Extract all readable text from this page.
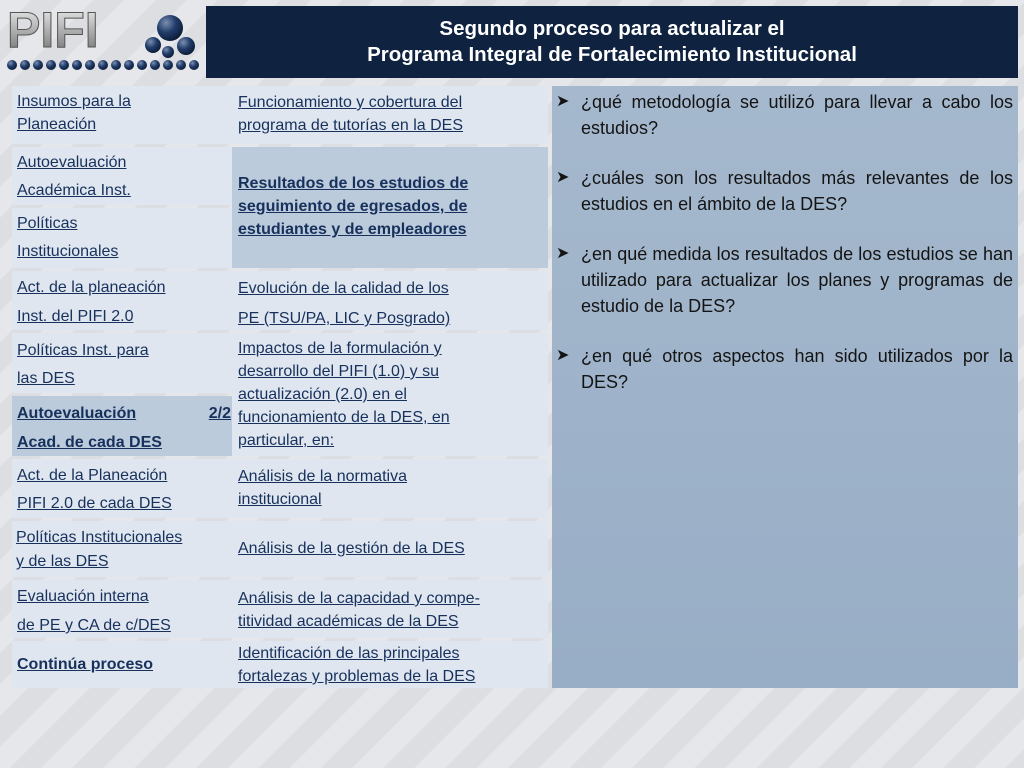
PIFI	Segundo proceso para actualizar el
Programa Integral de Fortalecimiento Institucional
Insumos para la
Planeación
Autoevaluación
Académica Inst.
Políticas
Institucionales
Act. de la planeación
Inst. del PIFI 2.0
Políticas Inst. para
las DES
Autoevaluación	2/2
Acad. de cada DES
Act. de la Planeación
PIFI 2.0 de cada DES
Políticas Institucionales
y de las DES
Evaluación interna
de PE y CA de c/DES
Continúa proceso
Funcionamiento y cobertura del
programa de tutorías en la DES
Resultados de los estudios de
seguimiento de egresados, de
estudiantes y de empleadores
Evolución de la calidad de los
PE (TSU/PA, LIC y Posgrado)
Impactos de la formulación y
desarrollo del PIFI (1.0) y su
actualización (2.0) en el
funcionamiento de la DES, en
particular, en:
Análisis de la normativa
institucional
Análisis de la gestión de la DES
Análisis de la capacidad y compe-
titividad académicas de la DES
Identificación de las principales
fortalezas y problemas de la DES
➤ ¿qué metodología se utilizó para llevar a cabo los estudios?
➤ ¿cuáles son los resultados más relevantes de los estudios en el ámbito de la DES?
➤ ¿en qué medida los resultados de los estudios se han utilizado para actualizar los planes y programas de estudio de la DES?
➤ ¿en qué otros aspectos han sido utilizados por la DES?
